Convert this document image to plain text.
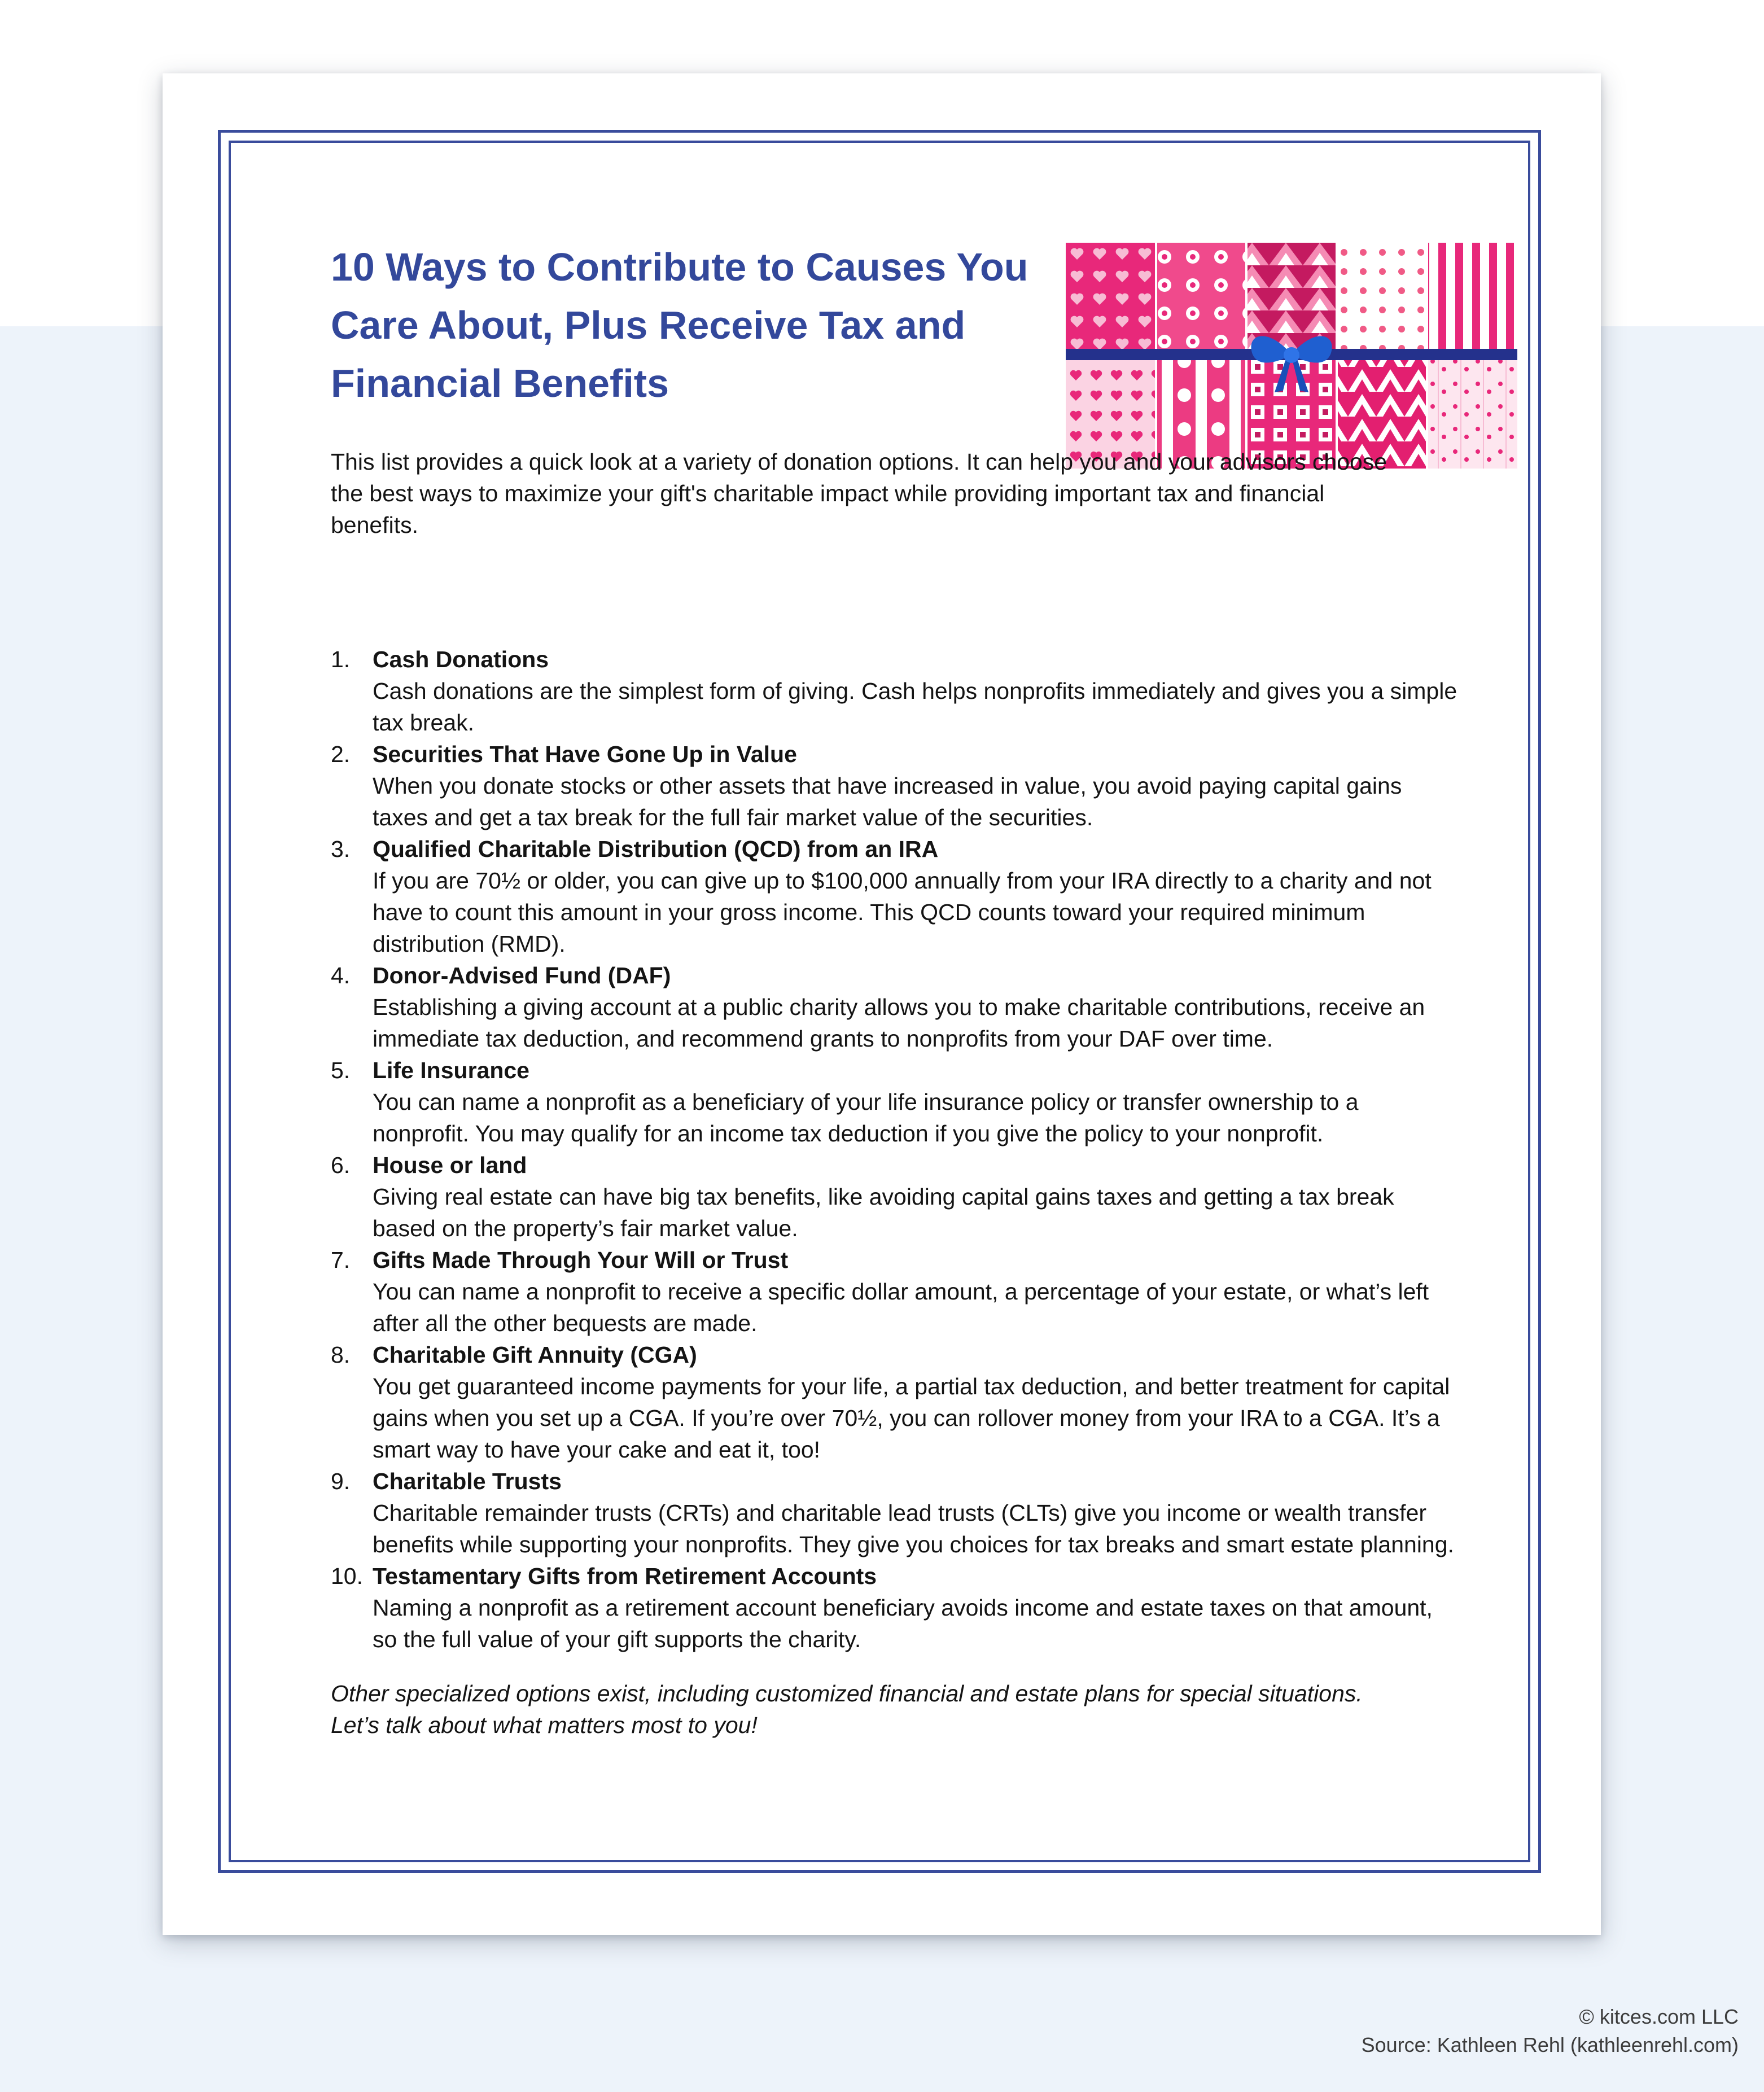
10 Ways to Contribute to Causes You Care About, Plus Receive Tax and Financial Benefits

This list provides a quick look at a variety of donation options. It can help you and your advisors choose the best ways to maximize your gift's charitable impact while providing important tax and financial benefits.

1. Cash Donations
Cash donations are the simplest form of giving. Cash helps nonprofits immediately and gives you a simple tax break.
2. Securities That Have Gone Up in Value
When you donate stocks or other assets that have increased in value, you avoid paying capital gains taxes and get a tax break for the full fair market value of the securities.
3. Qualified Charitable Distribution (QCD) from an IRA
If you are 70½ or older, you can give up to $100,000 annually from your IRA directly to a charity and not have to count this amount in your gross income. This QCD counts toward your required minimum distribution (RMD).
4. Donor-Advised Fund (DAF)
Establishing a giving account at a public charity allows you to make charitable contributions, receive an immediate tax deduction, and recommend grants to nonprofits from your DAF over time.
5. Life Insurance
You can name a nonprofit as a beneficiary of your life insurance policy or transfer ownership to a nonprofit. You may qualify for an income tax deduction if you give the policy to your nonprofit.
6. House or land
Giving real estate can have big tax benefits, like avoiding capital gains taxes and getting a tax break based on the property’s fair market value.
7. Gifts Made Through Your Will or Trust
You can name a nonprofit to receive a specific dollar amount, a percentage of your estate, or what’s left after all the other bequests are made.
8. Charitable Gift Annuity (CGA)
You get guaranteed income payments for your life, a partial tax deduction, and better treatment for capital gains when you set up a CGA. If you’re over 70½, you can rollover money from your IRA to a CGA. It’s a smart way to have your cake and eat it, too!
9. Charitable Trusts
Charitable remainder trusts (CRTs) and charitable lead trusts (CLTs) give you income or wealth transfer benefits while supporting your nonprofits. They give you choices for tax breaks and smart estate planning.
10. Testamentary Gifts from Retirement Accounts
Naming a nonprofit as a retirement account beneficiary avoids income and estate taxes on that amount, so the full value of your gift supports the charity.

Other specialized options exist, including customized financial and estate plans for special situations. Let’s talk about what matters most to you!

© kitces.com LLC
Source: Kathleen Rehl (kathleenrehl.com)
